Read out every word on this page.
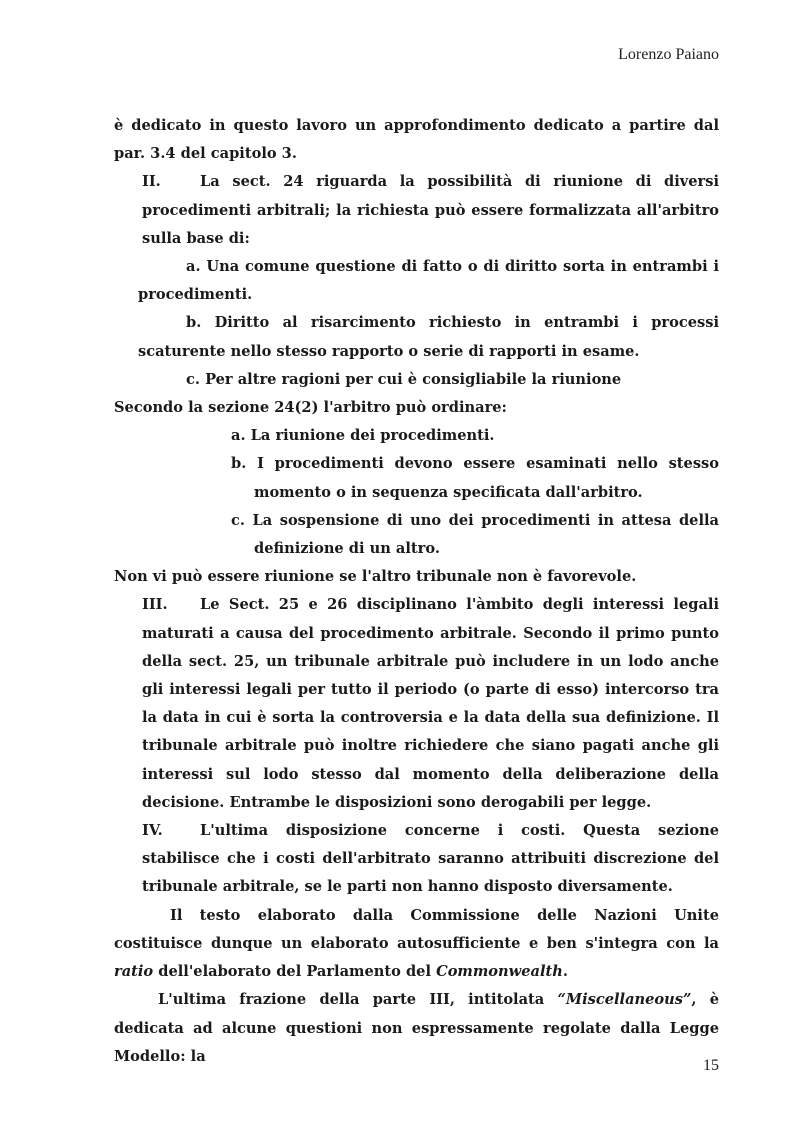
Lorenzo Paiano

è dedicato in questo lavoro un approfondimento dedicato a partire dal par. 3.4 del capitolo 3.

II.	La sect. 24 riguarda la possibilità di riunione di diversi procedimenti arbitrali; la richiesta può essere formalizzata all'arbitro sulla base di:

a. Una comune questione di fatto o di diritto sorta in entrambi i procedimenti.

b. Diritto al risarcimento richiesto in entrambi i processi scaturente nello stesso rapporto o serie di rapporti in esame.

c. Per altre ragioni per cui è consigliabile la riunione

Secondo la sezione 24(2) l'arbitro può ordinare:

a. La riunione dei procedimenti.

b. I procedimenti devono essere esaminati nello stesso momento o in sequenza specificata dall'arbitro.

c. La sospensione di uno dei procedimenti in attesa della definizione di un altro.

Non vi può essere riunione se l'altro tribunale non è favorevole.

III. Le Sect. 25 e 26 disciplinano l'àmbito degli interessi legali maturati a causa del procedimento arbitrale. Secondo il primo punto della sect. 25, un tribunale arbitrale può includere in un lodo anche gli interessi legali per tutto il periodo (o parte di esso) intercorso tra la data in cui è sorta la controversia e la data della sua definizione. Il tribunale arbitrale può inoltre richiedere che siano pagati anche gli interessi sul lodo stesso dal momento della deliberazione della decisione. Entrambe le disposizioni sono derogabili per legge.

IV.	L'ultima disposizione concerne i costi. Questa sezione stabilisce che i costi dell'arbitrato saranno attribuiti discrezione del tribunale arbitrale, se le parti non hanno disposto diversamente.

Il testo elaborato dalla Commissione delle Nazioni Unite costituisce dunque un elaborato autosufficiente e ben s'integra con la ratio dell'elaborato del Parlamento del Commonwealth.

L'ultima frazione della parte III, intitolata “Miscellaneous”, è dedicata ad alcune questioni non espressamente regolate dalla Legge Modello: la

15
